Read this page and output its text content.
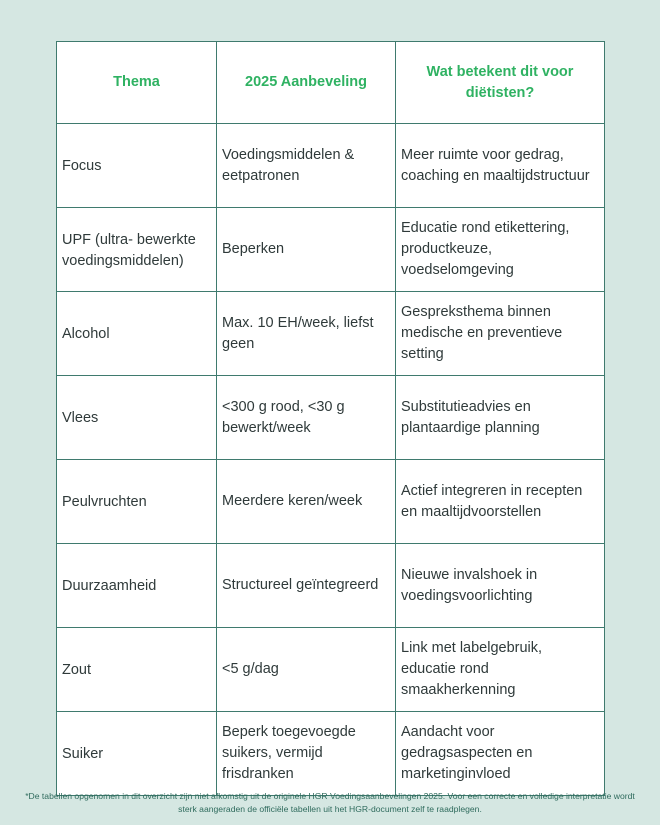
Thema	2025 Aanbeveling	Wat betekent dit voor diëtisten?
Focus	Voedingsmiddelen & eetpatronen	Meer ruimte voor gedrag, coaching en maaltijdstructuur
UPF (ultra- bewerkte voedingsmiddelen)	Beperken	Educatie rond etikettering, productkeuze, voedselomgeving
Alcohol	Max. 10 EH/week, liefst geen	Gespreksthema binnen medische en preventieve setting
Vlees	<300 g rood, <30 g bewerkt/week	Substitutieadvies en plantaardige planning
Peulvruchten	Meerdere keren/week	Actief integreren in recepten en maaltijdvoorstellen
Duurzaamheid	Structureel geïntegreerd	Nieuwe invalshoek in voedingsvoorlichting
Zout	<5 g/dag	Link met labelgebruik, educatie rond smaakherkenning
Suiker	Beperk toegevoegde suikers, vermijd frisdranken	Aandacht voor gedragsaspecten en marketinginvloed
*De tabellen opgenomen in dit overzicht zijn niet afkomstig uit de originele HGR Voedingsaanbevelingen 2025. Voor een correcte en volledige interpretatie wordt sterk aangeraden de officiële tabellen uit het HGR-document zelf te raadplegen.
